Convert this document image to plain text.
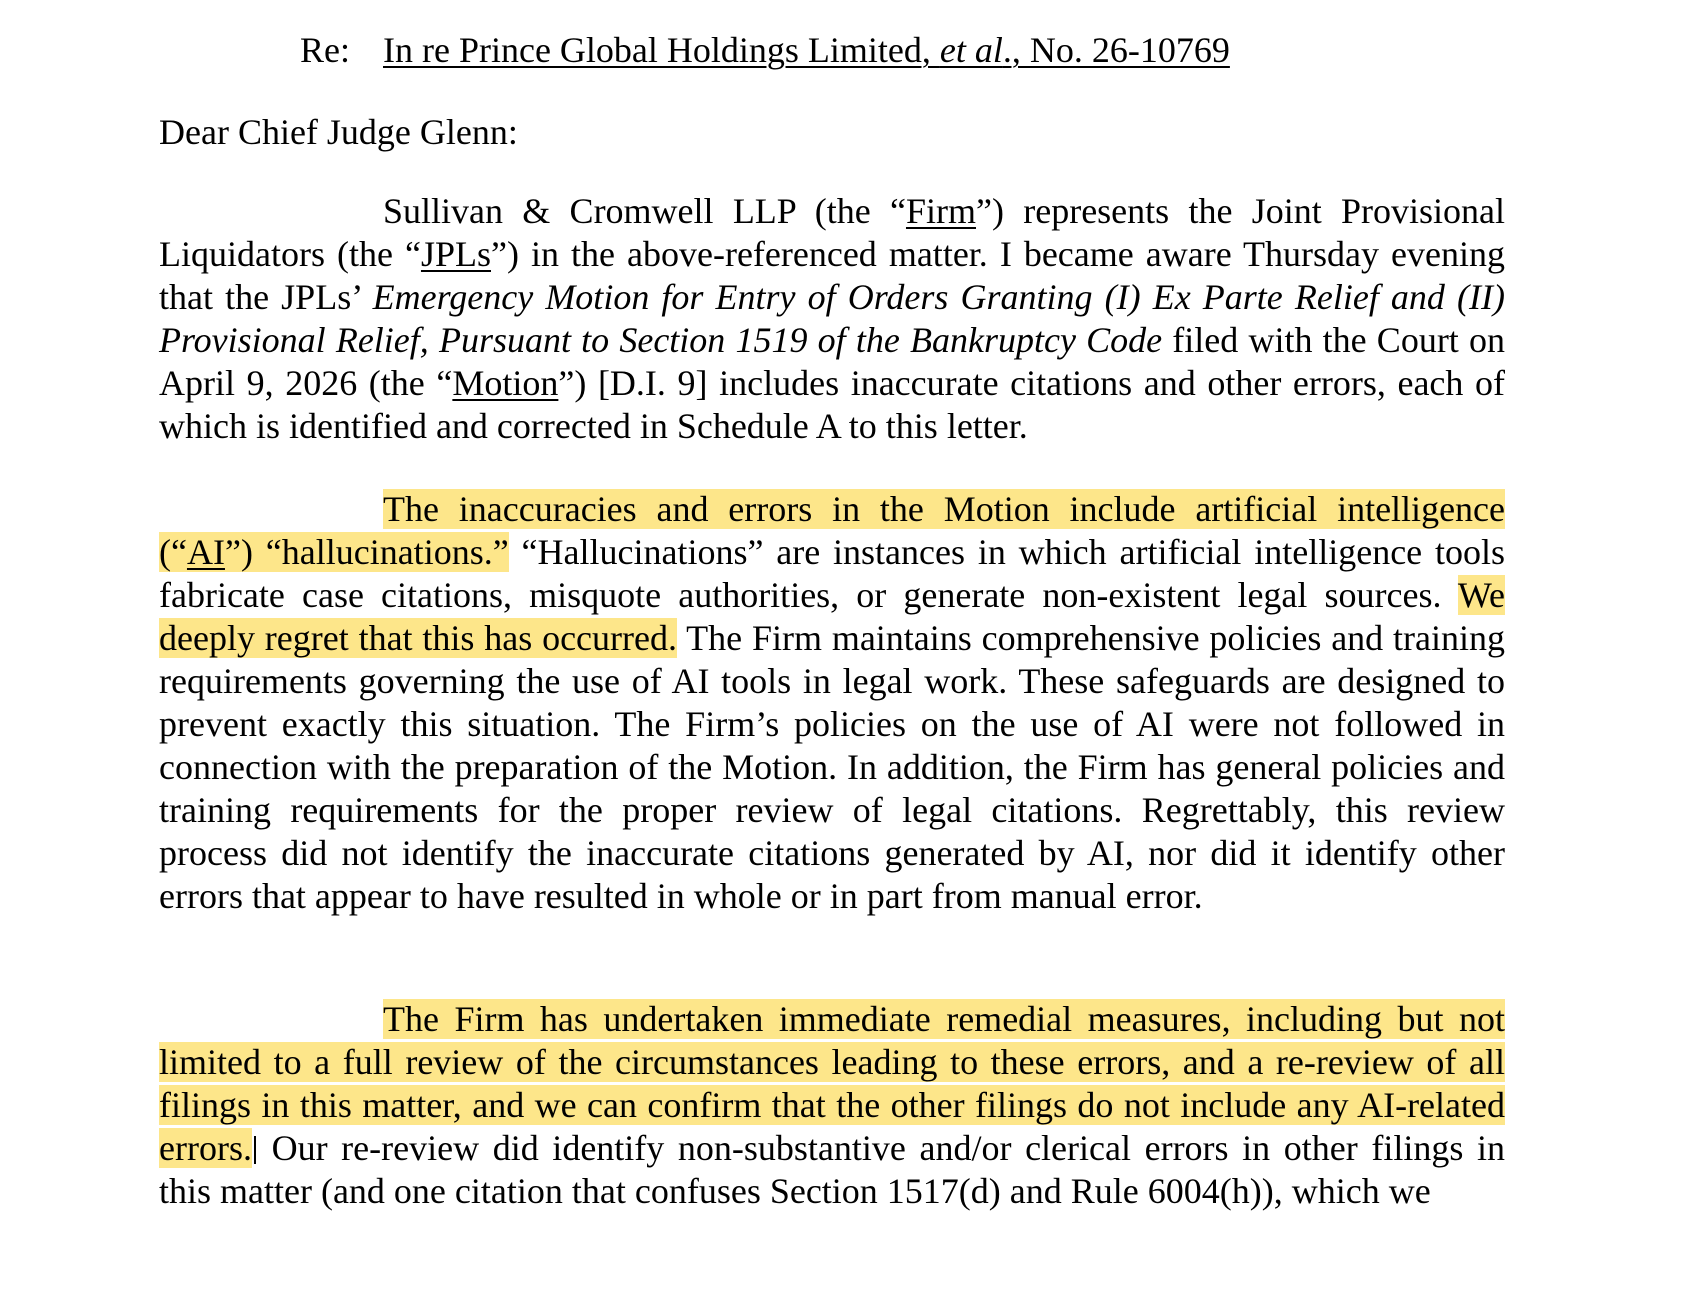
Re: In re Prince Global Holdings Limited, et al., No. 26-10769
Dear Chief Judge Glenn:

Sullivan & Cromwell LLP (the “Firm”) represents the Joint Provisional Liquidators (the “JPLs”) in the above-referenced matter. I became aware Thursday evening that the JPLs’ Emergency Motion for Entry of Orders Granting (I) Ex Parte Relief and (II) Provisional Relief, Pursuant to Section 1519 of the Bankruptcy Code filed with the Court on April 9, 2026 (the “Motion”) [D.I. 9] includes inaccurate citations and other errors, each of which is identified and corrected in Schedule A to this letter.

The inaccuracies and errors in the Motion include artificial intelligence (“AI”) “hallucinations.” “Hallucinations” are instances in which artificial intelligence tools fabricate case citations, misquote authorities, or generate non-existent legal sources. We deeply regret that this has occurred. The Firm maintains comprehensive policies and training requirements governing the use of AI tools in legal work. These safeguards are designed to prevent exactly this situation. The Firm’s policies on the use of AI were not followed in connection with the preparation of the Motion. In addition, the Firm has general policies and training requirements for the proper review of legal citations. Regrettably, this review process did not identify the inaccurate citations generated by AI, nor did it identify other errors that appear to have resulted in whole or in part from manual error.

The Firm has undertaken immediate remedial measures, including but not limited to a full review of the circumstances leading to these errors, and a re-review of all filings in this matter, and we can confirm that the other filings do not include any AI-related errors. Our re-review did identify non-substantive and/or clerical errors in other filings in this matter (and one citation that confuses Section 1517(d) and Rule 6004(h)), which we
